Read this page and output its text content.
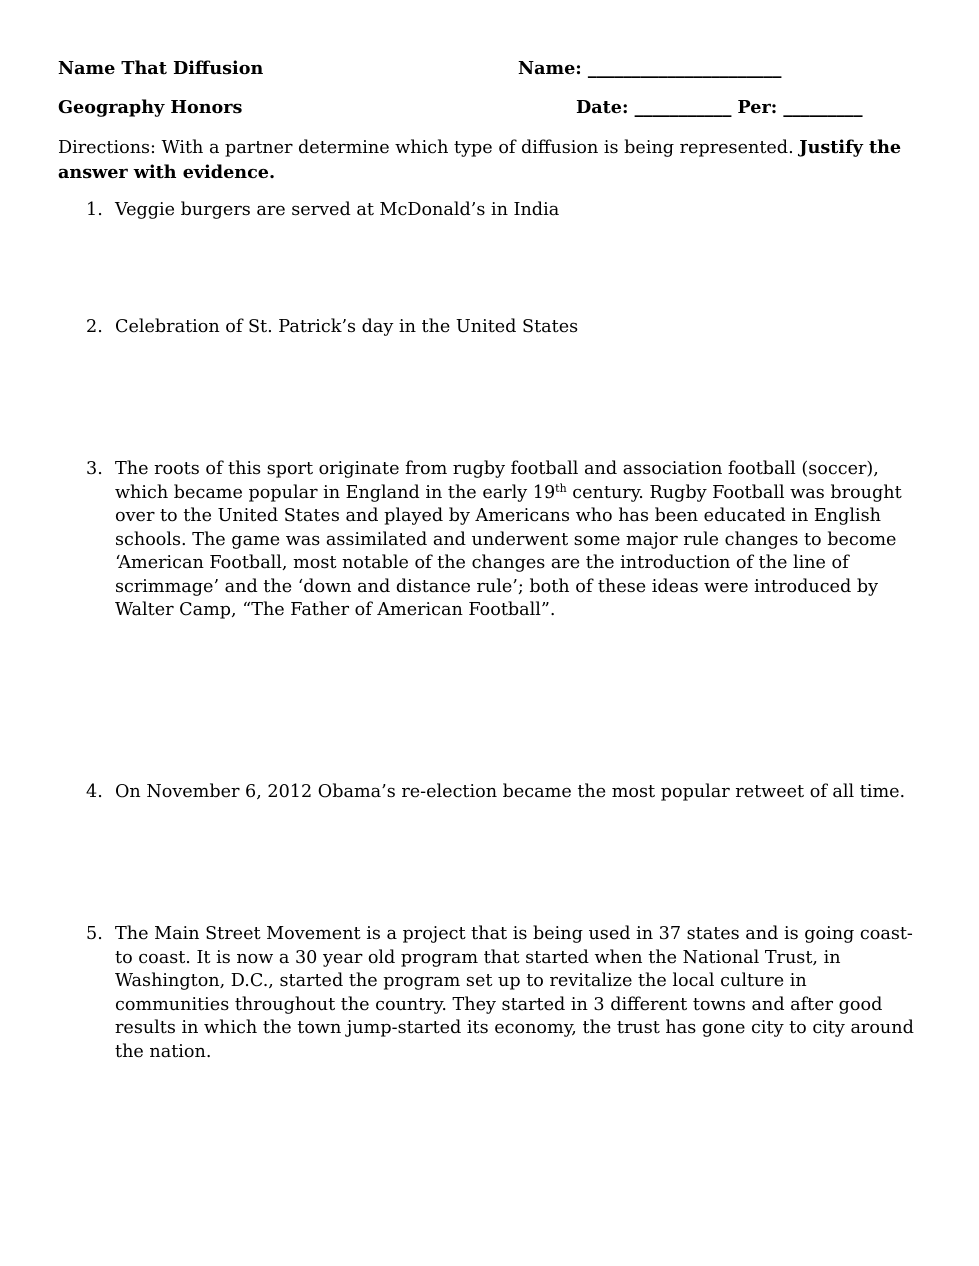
Name That Diffusion	Name: ______________________
Geography Honors	Date: ___________ Per: _________
Directions: With a partner determine which type of diffusion is being represented. Justify the answer with evidence.
1. Veggie burgers are served at McDonald’s in India
2. Celebration of St. Patrick’s day in the United States
3. The roots of this sport originate from rugby football and association football (soccer), which became popular in England in the early 19th century. Rugby Football was brought over to the United States and played by Americans who has been educated in English schools. The game was assimilated and underwent some major rule changes to become ‘American Football, most notable of the changes are the introduction of the line of scrimmage’ and the ‘down and distance rule’; both of these ideas were introduced by Walter Camp, “The Father of American Football”.
4. On November 6, 2012 Obama’s re-election became the most popular retweet of all time.
5. The Main Street Movement is a project that is being used in 37 states and is going coast-to coast. It is now a 30 year old program that started when the National Trust, in Washington, D.C., started the program set up to revitalize the local culture in communities throughout the country. They started in 3 different towns and after good results in which the town jump-started its economy, the trust has gone city to city around the nation.
